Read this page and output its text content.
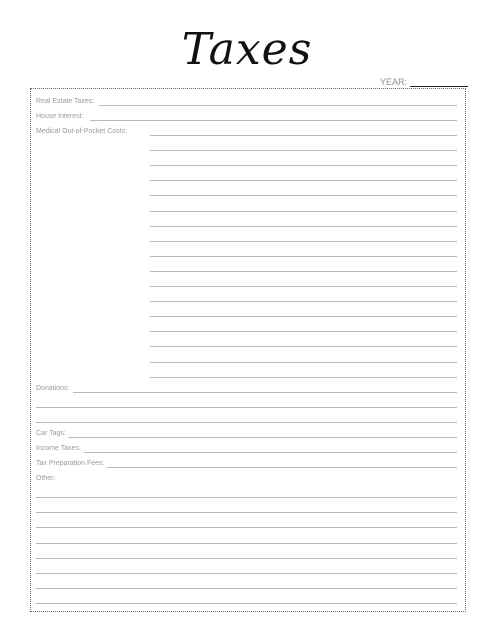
Taxes
YEAR:
Real Estate Taxes:
House Interest:
Medical Out-of-Pocket Costs:
Donations:
Car Tags:
Income Taxes:
Tax Preparation Fees:
Other:
